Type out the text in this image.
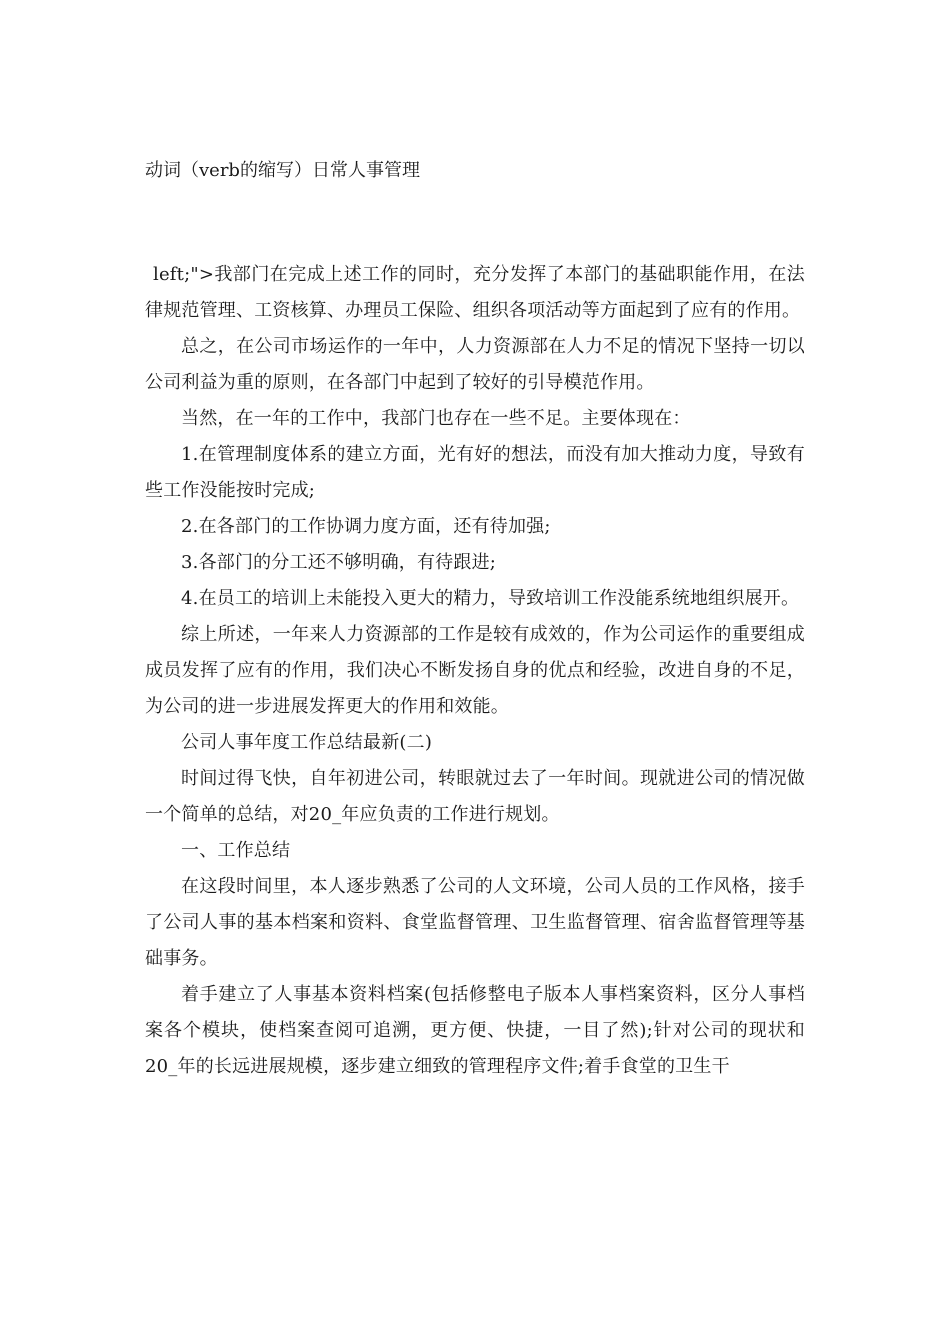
动词（verb的缩写）日常人事管理

left;">我部门在完成上述工作的同时，充分发挥了本部门的基础职能作用，在法律规范管理、工资核算、办理员工保险、组织各项活动等方面起到了应有的作用。

总之，在公司市场运作的一年中，人力资源部在人力不足的情况下坚持一切以公司利益为重的原则，在各部门中起到了较好的引导模范作用。

当然，在一年的工作中，我部门也存在一些不足。主要体现在：

1.在管理制度体系的建立方面，光有好的想法，而没有加大推动力度，导致有些工作没能按时完成;

2.在各部门的工作协调力度方面，还有待加强;

3.各部门的分工还不够明确，有待跟进;

4.在员工的培训上未能投入更大的精力，导致培训工作没能系统地组织展开。

综上所述，一年来人力资源部的工作是较有成效的，作为公司运作的重要组成成员发挥了应有的作用，我们决心不断发扬自身的优点和经验，改进自身的不足，为公司的进一步进展发挥更大的作用和效能。

公司人事年度工作总结最新(二)

时间过得飞快，自年初进公司，转眼就过去了一年时间。现就进公司的情况做一个简单的总结，对20_年应负责的工作进行规划。

一、工作总结

在这段时间里，本人逐步熟悉了公司的人文环境，公司人员的工作风格，接手了公司人事的基本档案和资料、食堂监督管理、卫生监督管理、宿舍监督管理等基础事务。

着手建立了人事基本资料档案(包括修整电子版本人事档案资料，区分人事档案各个模块，使档案查阅可追溯，更方便、快捷，一目了然);针对公司的现状和20_年的长远进展规模，逐步建立细致的管理程序文件;着手食堂的卫生干
